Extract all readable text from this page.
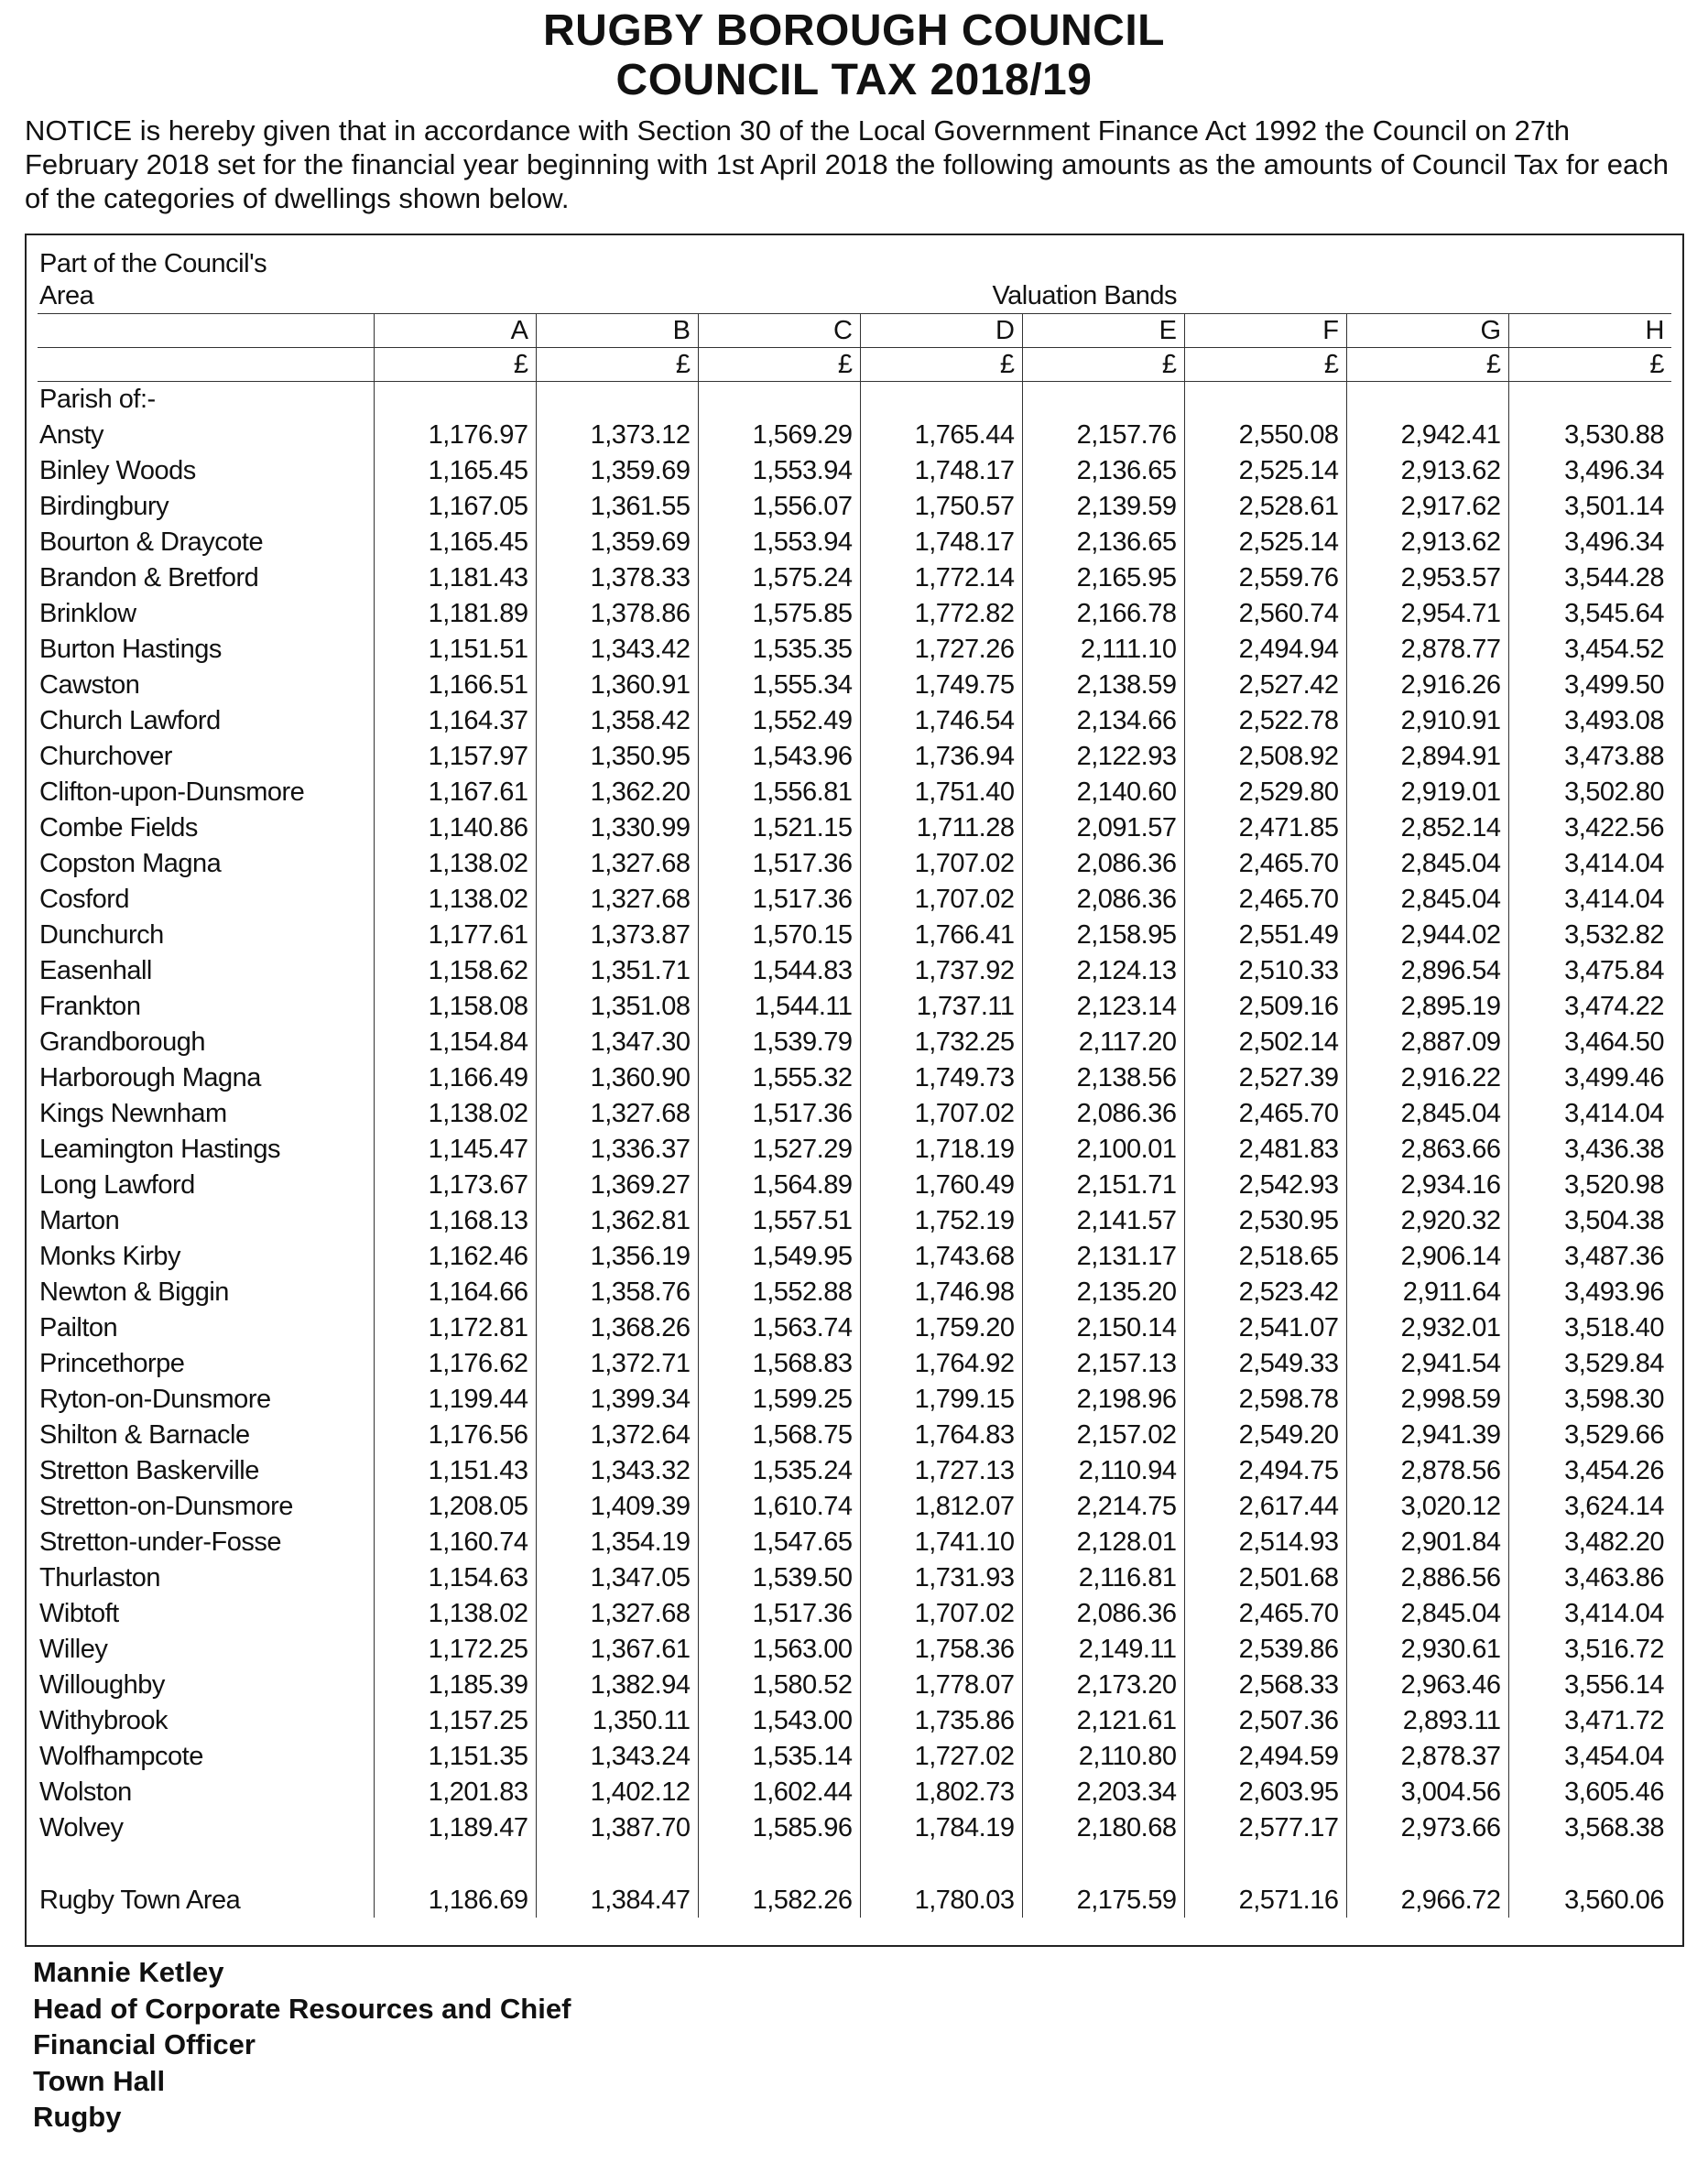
RUGBY BOROUGH COUNCIL
COUNCIL TAX 2018/19
NOTICE is hereby given that in accordance with Section 30 of the Local Government Finance Act 1992 the Council on 27th February 2018 set for the financial year beginning with 1st April 2018 the following amounts as the amounts of Council Tax for each of the categories of dwellings shown below.
Part of the Council's								
Area	Valuation Bands							
	A	B	C	D	E	F	G	H
	£	£	£	£	£	£	£	£
Parish of:-								
Ansty	1,176.97	1,373.12	1,569.29	1,765.44	2,157.76	2,550.08	2,942.41	3,530.88
Binley Woods	1,165.45	1,359.69	1,553.94	1,748.17	2,136.65	2,525.14	2,913.62	3,496.34
Birdingbury	1,167.05	1,361.55	1,556.07	1,750.57	2,139.59	2,528.61	2,917.62	3,501.14
Bourton & Draycote	1,165.45	1,359.69	1,553.94	1,748.17	2,136.65	2,525.14	2,913.62	3,496.34
Brandon & Bretford	1,181.43	1,378.33	1,575.24	1,772.14	2,165.95	2,559.76	2,953.57	3,544.28
Brinklow	1,181.89	1,378.86	1,575.85	1,772.82	2,166.78	2,560.74	2,954.71	3,545.64
Burton Hastings	1,151.51	1,343.42	1,535.35	1,727.26	2,111.10	2,494.94	2,878.77	3,454.52
Cawston	1,166.51	1,360.91	1,555.34	1,749.75	2,138.59	2,527.42	2,916.26	3,499.50
Church Lawford	1,164.37	1,358.42	1,552.49	1,746.54	2,134.66	2,522.78	2,910.91	3,493.08
Churchover	1,157.97	1,350.95	1,543.96	1,736.94	2,122.93	2,508.92	2,894.91	3,473.88
Clifton-upon-Dunsmore	1,167.61	1,362.20	1,556.81	1,751.40	2,140.60	2,529.80	2,919.01	3,502.80
Combe Fields	1,140.86	1,330.99	1,521.15	1,711.28	2,091.57	2,471.85	2,852.14	3,422.56
Copston Magna	1,138.02	1,327.68	1,517.36	1,707.02	2,086.36	2,465.70	2,845.04	3,414.04
Cosford	1,138.02	1,327.68	1,517.36	1,707.02	2,086.36	2,465.70	2,845.04	3,414.04
Dunchurch	1,177.61	1,373.87	1,570.15	1,766.41	2,158.95	2,551.49	2,944.02	3,532.82
Easenhall	1,158.62	1,351.71	1,544.83	1,737.92	2,124.13	2,510.33	2,896.54	3,475.84
Frankton	1,158.08	1,351.08	1,544.11	1,737.11	2,123.14	2,509.16	2,895.19	3,474.22
Grandborough	1,154.84	1,347.30	1,539.79	1,732.25	2,117.20	2,502.14	2,887.09	3,464.50
Harborough Magna	1,166.49	1,360.90	1,555.32	1,749.73	2,138.56	2,527.39	2,916.22	3,499.46
Kings Newnham	1,138.02	1,327.68	1,517.36	1,707.02	2,086.36	2,465.70	2,845.04	3,414.04
Leamington Hastings	1,145.47	1,336.37	1,527.29	1,718.19	2,100.01	2,481.83	2,863.66	3,436.38
Long Lawford	1,173.67	1,369.27	1,564.89	1,760.49	2,151.71	2,542.93	2,934.16	3,520.98
Marton	1,168.13	1,362.81	1,557.51	1,752.19	2,141.57	2,530.95	2,920.32	3,504.38
Monks Kirby	1,162.46	1,356.19	1,549.95	1,743.68	2,131.17	2,518.65	2,906.14	3,487.36
Newton & Biggin	1,164.66	1,358.76	1,552.88	1,746.98	2,135.20	2,523.42	2,911.64	3,493.96
Pailton	1,172.81	1,368.26	1,563.74	1,759.20	2,150.14	2,541.07	2,932.01	3,518.40
Princethorpe	1,176.62	1,372.71	1,568.83	1,764.92	2,157.13	2,549.33	2,941.54	3,529.84
Ryton-on-Dunsmore	1,199.44	1,399.34	1,599.25	1,799.15	2,198.96	2,598.78	2,998.59	3,598.30
Shilton & Barnacle	1,176.56	1,372.64	1,568.75	1,764.83	2,157.02	2,549.20	2,941.39	3,529.66
Stretton Baskerville	1,151.43	1,343.32	1,535.24	1,727.13	2,110.94	2,494.75	2,878.56	3,454.26
Stretton-on-Dunsmore	1,208.05	1,409.39	1,610.74	1,812.07	2,214.75	2,617.44	3,020.12	3,624.14
Stretton-under-Fosse	1,160.74	1,354.19	1,547.65	1,741.10	2,128.01	2,514.93	2,901.84	3,482.20
Thurlaston	1,154.63	1,347.05	1,539.50	1,731.93	2,116.81	2,501.68	2,886.56	3,463.86
Wibtoft	1,138.02	1,327.68	1,517.36	1,707.02	2,086.36	2,465.70	2,845.04	3,414.04
Willey	1,172.25	1,367.61	1,563.00	1,758.36	2,149.11	2,539.86	2,930.61	3,516.72
Willoughby	1,185.39	1,382.94	1,580.52	1,778.07	2,173.20	2,568.33	2,963.46	3,556.14
Withybrook	1,157.25	1,350.11	1,543.00	1,735.86	2,121.61	2,507.36	2,893.11	3,471.72
Wolfhampcote	1,151.35	1,343.24	1,535.14	1,727.02	2,110.80	2,494.59	2,878.37	3,454.04
Wolston	1,201.83	1,402.12	1,602.44	1,802.73	2,203.34	2,603.95	3,004.56	3,605.46
Wolvey	1,189.47	1,387.70	1,585.96	1,784.19	2,180.68	2,577.17	2,973.66	3,568.38

Rugby Town Area	1,186.69	1,384.47	1,582.26	1,780.03	2,175.59	2,571.16	2,966.72	3,560.06
Mannie Ketley
Head of Corporate Resources and Chief
Financial Officer
Town Hall
Rugby
